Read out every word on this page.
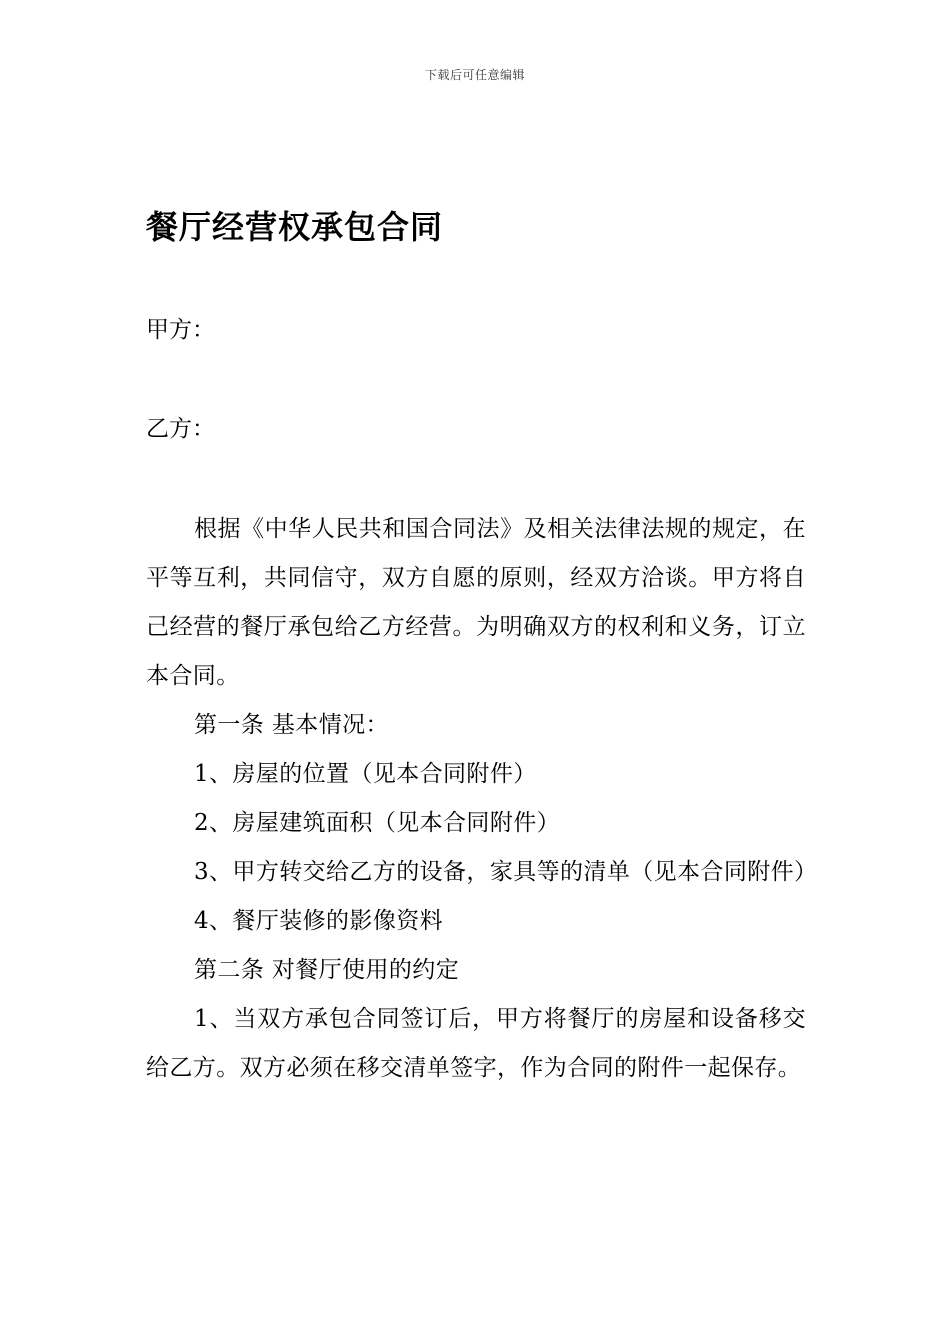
下载后可任意编辑
餐厅经营权承包合同
甲方：
乙方：

根据《中华人民共和国合同法》及相关法律法规的规定，在平等互利，共同信守，双方自愿的原则，经双方洽谈。甲方将自己经营的餐厅承包给乙方经营。为明确双方的权利和义务，订立本合同。

第一条 基本情况：

1、房屋的位置（见本合同附件）

2、房屋建筑面积（见本合同附件）

3、甲方转交给乙方的设备，家具等的清单（见本合同附件）

4、餐厅装修的影像资料

第二条 对餐厅使用的约定

1、当双方承包合同签订后，甲方将餐厅的房屋和设备移交给乙方。双方必须在移交清单签字，作为合同的附件一起保存。
